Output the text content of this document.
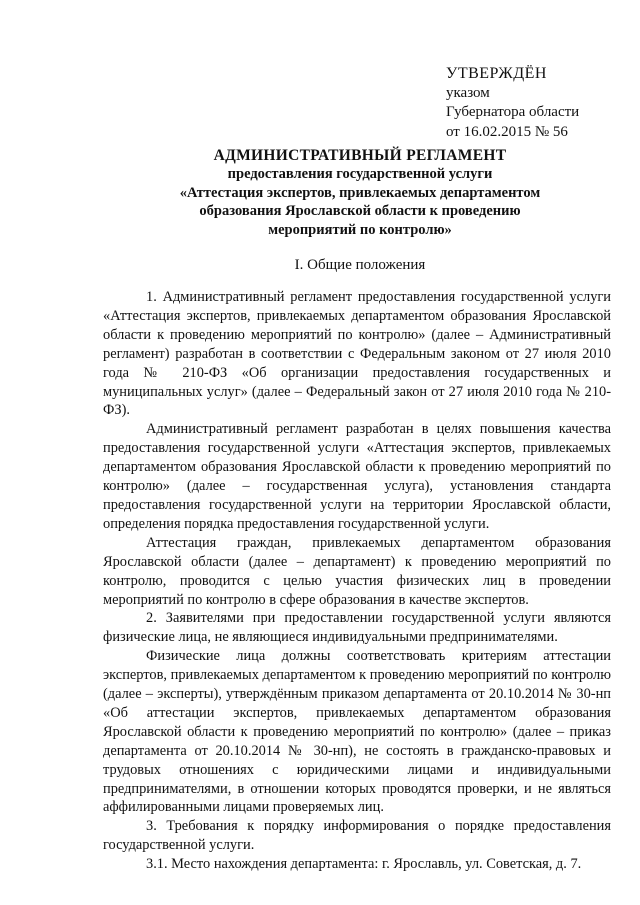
УТВЕРЖДЁН
указом
Губернатора области
от 16.02.2015 № 56
АДМИНИСТРАТИВНЫЙ РЕГЛАМЕНТ
предоставления государственной услуги
«Аттестация экспертов, привлекаемых департаментом
образования Ярославской области к проведению
мероприятий по контролю»
I. Общие положения

1. Административный регламент предоставления государственной услуги «Аттестация экспертов, привлекаемых департаментом образования Ярославской области к проведению мероприятий по контролю» (далее – Административный регламент) разработан в соответствии с Федеральным законом от 27 июля 2010 года № 210-ФЗ «Об организации предоставления государственных и муниципальных услуг» (далее – Федеральный закон от 27 июля 2010 года № 210-ФЗ).

Административный регламент разработан в целях повышения качества предоставления государственной услуги «Аттестация экспертов, привлекаемых департаментом образования Ярославской области к проведению мероприятий по контролю» (далее – государственная услуга), установления стандарта предоставления государственной услуги на территории Ярославской области, определения порядка предоставления государственной услуги.

Аттестация граждан, привлекаемых департаментом образования Ярославской области (далее – департамент) к проведению мероприятий по контролю, проводится с целью участия физических лиц в проведении мероприятий по контролю в сфере образования в качестве экспертов.

2. Заявителями при предоставлении государственной услуги являются физические лица, не являющиеся индивидуальными предпринимателями.

Физические лица должны соответствовать критериям аттестации экспертов, привлекаемых департаментом к проведению мероприятий по контролю (далее – эксперты), утверждённым приказом департамента от 20.10.2014 № 30-нп «Об аттестации экспертов, привлекаемых департаментом образования Ярославской области к проведению мероприятий по контролю» (далее – приказ департамента от 20.10.2014 № 30-нп), не состоять в гражданско-правовых и трудовых отношениях с юридическими лицами и индивидуальными предпринимателями, в отношении которых проводятся проверки, и не являться аффилированными лицами проверяемых лиц.

3. Требования к порядку информирования о порядке предоставления государственной услуги.

3.1. Место нахождения департамента: г. Ярославль, ул. Советская, д. 7.
